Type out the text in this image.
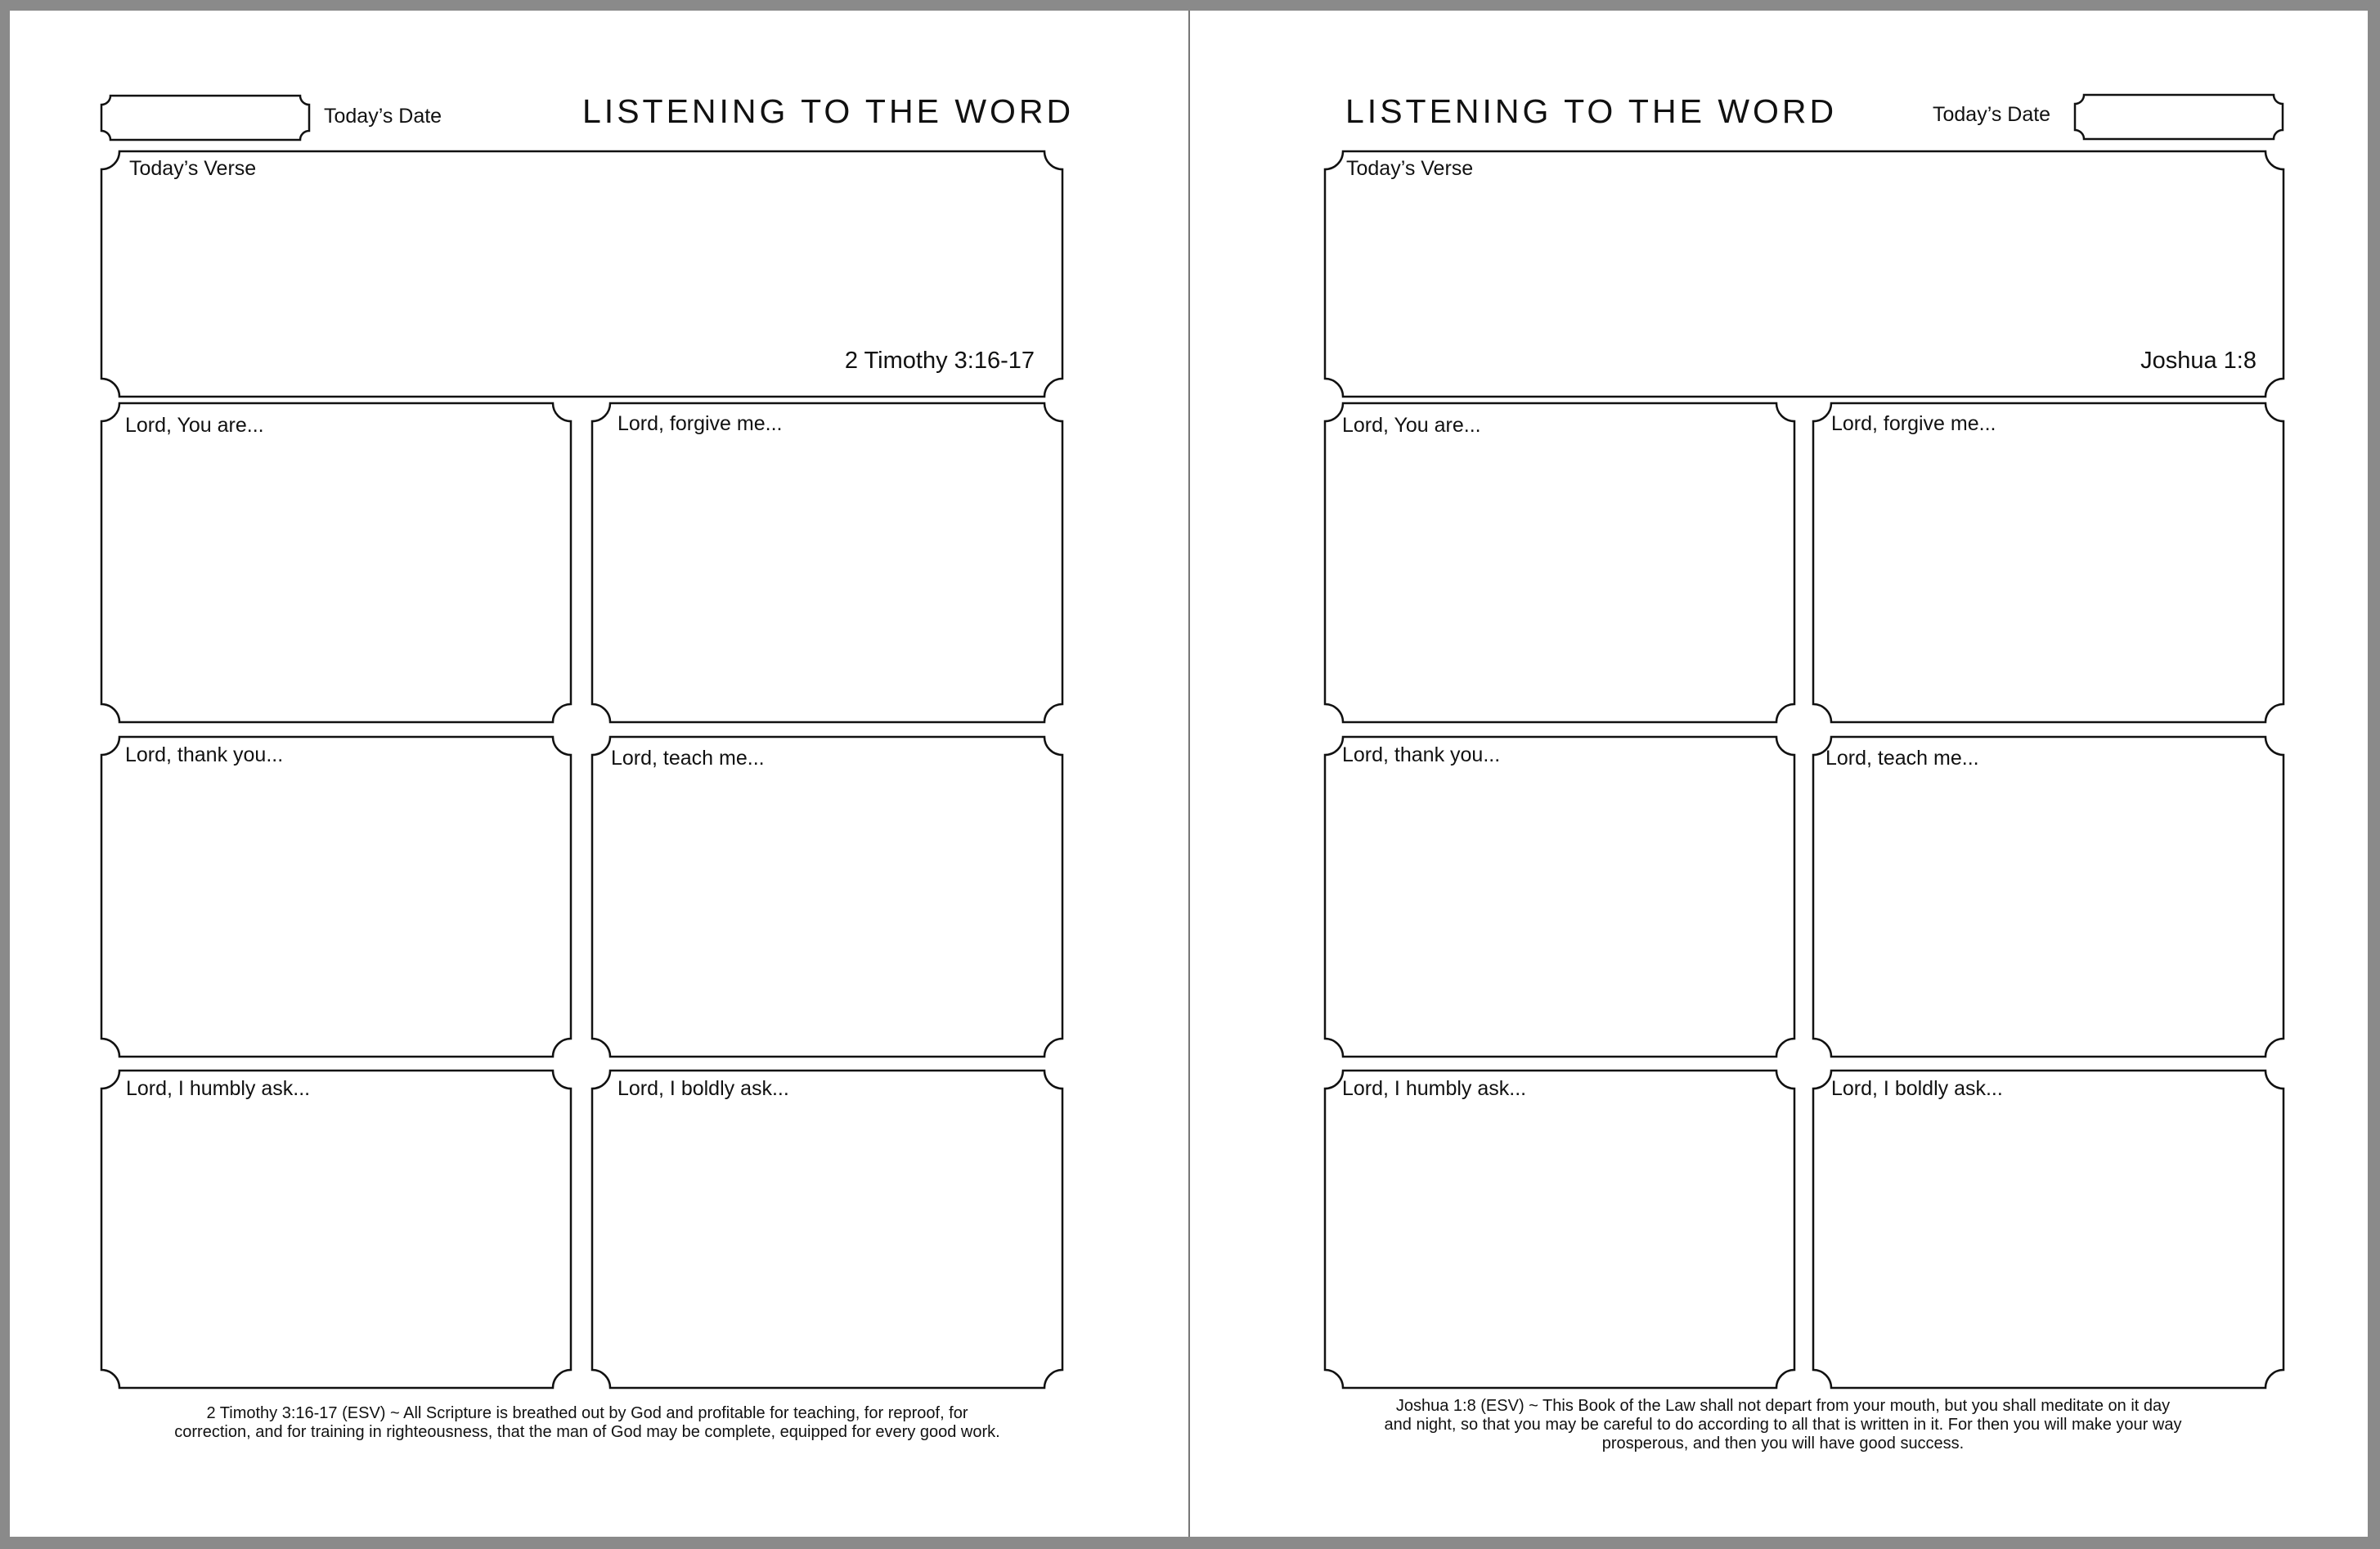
Today’s Date	LISTENING TO THE WORD
Today’s Verse
2 Timothy 3:16-17
Lord, You are...	Lord, forgive me...
Lord, thank you...	Lord, teach me...
Lord, I humbly ask...	Lord, I boldly ask...
2 Timothy 3:16-17 (ESV) ~ All Scripture is breathed out by God and profitable for teaching, for reproof, for
correction, and for training in righteousness, that the man of God may be complete, equipped for every good work.
LISTENING TO THE WORD	Today’s Date
Today’s Verse
Joshua 1:8
Lord, You are...	Lord, forgive me...
Lord, thank you...	Lord, teach me...
Lord, I humbly ask...	Lord, I boldly ask...
Joshua 1:8 (ESV) ~ This Book of the Law shall not depart from your mouth, but you shall meditate on it day
and night, so that you may be careful to do according to all that is written in it. For then you will make your way
prosperous, and then you will have good success.
